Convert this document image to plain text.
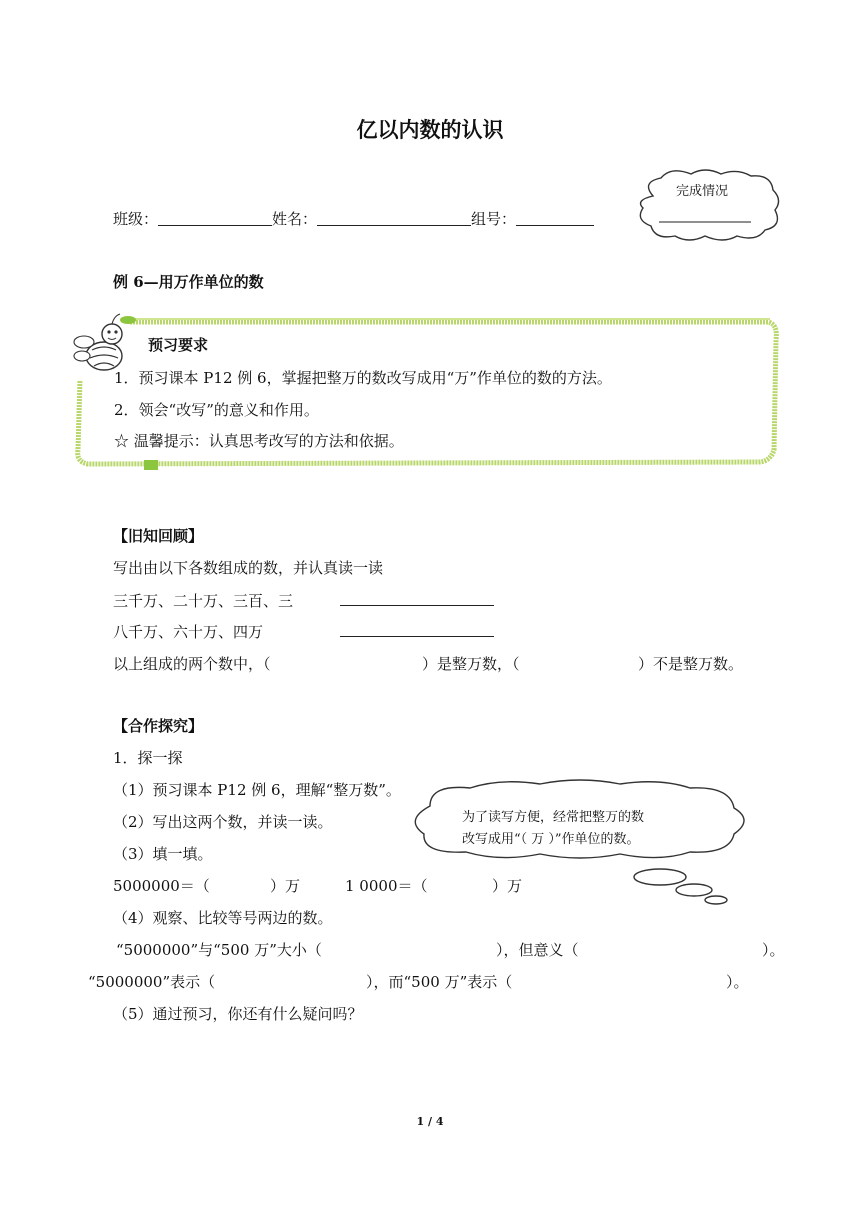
亿以内数的认识
班级：	姓名：	组号：
完成情况
例 6—用万作单位的数
预习要求
1．预习课本 P12 例 6，掌握把整万的数改写成用“万”作单位的数的方法。
2．领会“改写”的意义和作用。
☆ 温馨提示：认真思考改写的方法和依据。
【旧知回顾】
写出由以下各数组成的数，并认真读一读
三千万、二十万、三百、三
八千万、六十万、四万
以上组成的两个数中，（	）是整万数，（	）不是整万数。
【合作探究】
1．探一探
（1）预习课本 P12 例 6，理解“整万数”。
（2）写出这两个数，并读一读。
（3）填一填。
5000000＝（	）万	1 0000＝（	）万
（4）观察、比较等号两边的数。
“5000000”与“500 万”大小（	），但意义（	）。
“5000000”表示（	），而“500 万”表示（	）。
（5）通过预习，你还有什么疑问吗？
为了读写方便，经常把整万的数
改写成用“（ 万 ）”作单位的数。
1 / 4
